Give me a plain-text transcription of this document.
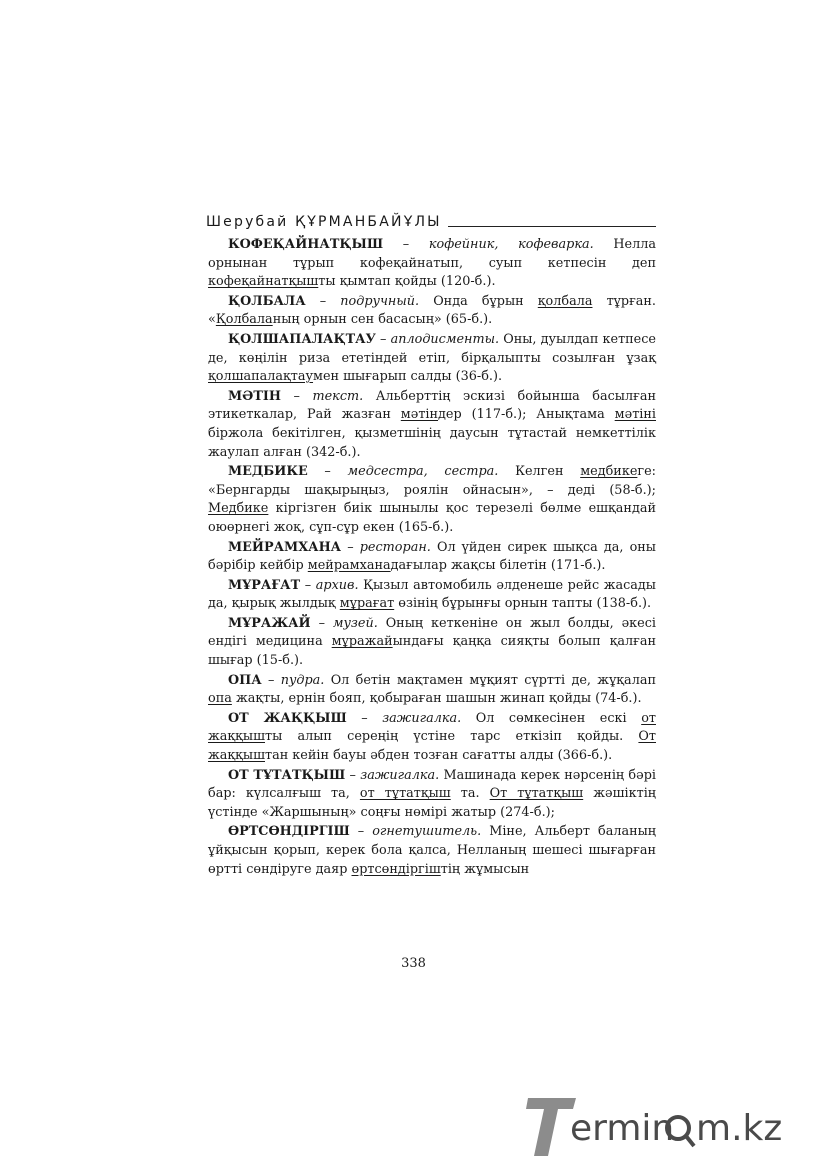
Шерубай ҚҰРМАНБАЙҰЛЫ

КОФЕҚАЙНАТҚЫШ – кофейник, кофеварка. Нелла орнынан тұрып кофеқайнатып, суып кетпесін деп кофеқайнатқышты қымтап қойды (120-б.).

ҚОЛБАЛА – подручный. Онда бұрын қолбала тұрған. «Қолбаланың орнын сен басасың» (65-б.).

ҚОЛШАПАЛАҚТАУ – аплодисменты. Оны, дуылдап кетпесе де, көңілін риза ететіндей етіп, бірқалыпты созылған ұзақ қолшапалақтаумен шығарып салды (36-б.).

МӘТІН – текст. Альберттің эскизі бойынша басылған этикеткалар, Рай жазған мәтіндер (117-б.); Анықтама мәтіні біржола бекітілген, қызметшінің даусын тұтастай немкеттілік жаулап алған (342-б.).

МЕДБИКЕ – медсестра, сестра. Келген медбикеге: «Бернгарды шақырыңыз, роялін ойнасын», – деді (58-б.); Медбике кіргізген биік шынылы қос терезелі бөлме ешқандай оюөрнегі жоқ, сұп-сұр екен (165-б.).

МЕЙРАМХАНА – ресторан. Ол үйден сирек шықса да, оны бәрібір кейбір мейрамханадағылар жақсы білетін (171-б.).

МҰРАҒАТ – архив. Қызыл автомобиль әлденеше рейс жасады да, қырық жылдық мұрағат өзінің бұрынғы орнын тапты (138-б.).

МҰРАЖАЙ – музей. Оның кеткеніне он жыл болды, әкесі ендігі медицина мұражайындағы қаңқа сияқты болып қалған шығар (15-б.).

ОПА – пудра. Ол бетін мақтамен мұқият сүртті де, жұқалап опа жақты, ернін бояп, қобыраған шашын жинап қойды (74-б.).

ОТ ЖАҚҚЫШ – зажигалка. Ол сөмкесінен ескі от жаққышты алып сереңің үстіне тарс еткізіп қойды. От жаққыштан кейін бауы әбден тозған сағатты алды (366-б.).

ОТ ТҰТАТҚЫШ – зажигалка. Машинада керек нәрсенің бәрі бар: күлсалғыш та, от тұтатқыш та. От тұтатқыш жәшіктің үстінде «Жаршының» соңғы нөмірі жатыр (274-б.);

ӨРТСӨНДІРГІШ – огнетушитель. Міне, Альберт баланың ұйқысын қорып, керек бола қалса, Нелланың шешесі шығарған өртті сөндіруге даяр өртсөндіргіштің жұмысын

338
ermin m.kz
